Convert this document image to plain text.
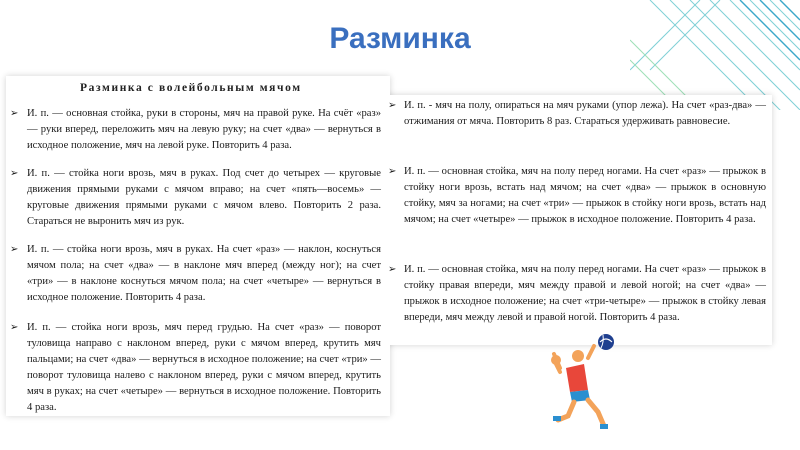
Разминка
Разминка с волейбольным мячом
➢ И. п. — основная стойка, руки в стороны, мяч на правой руке. На счёт «раз» — руки вперед, переложить мяч на левую руку; на счет «два» — вернуться в исходное положение, мяч на левой руке. Повторить 4 раза.
➢ И. п. — стойка ноги врозь, мяч в руках. Под счет до четырех — круговые движения прямыми руками с мячом вправо; на счет «пять—восемь» — круговые движения прямыми руками с мячом влево. Повторить 2 раза. Стараться не выронить мяч из рук.
➢ И. п. — стойка ноги врозь, мяч в руках. На счет «раз» — наклон, коснуться мячом пола; на счет «два» — в наклоне мяч вперед (между ног); на счет «три» — в наклоне коснуться мячом пола; на счет «четыре» — вернуться в исходное положение. Повторить 4 раза.
➢ И. п. — стойка ноги врозь, мяч перед грудью. На счет «раз» — поворот туловища направо с наклоном вперед, руки с мячом вперед, крутить мяч пальцами; на счет «два» — вернуться в исходное положение; на счет «три» — поворот туловища налево с наклоном вперед, руки с мячом вперед, крутить мяч в руках; на счет «четыре» — вернуться в исходное положение. Повторить 4 раза.
➢ И. п. - мяч на полу, опираться на мяч руками (упор лежа). На счет «раз-два» — отжимания от мяча. Повторить 8 раз. Стараться удерживать равновесие.
➢ И. п. — основная стойка, мяч на полу перед ногами. На счет «раз» — прыжок в стойку ноги врозь, встать над мячом; на счет «два» — прыжок в основную стойку, мяч за ногами; на счет «три» — прыжок в стойку ноги врозь, встать над мячом; на счет «четыре» — прыжок в исходное положение. Повторить 4 раза.
➢ И. п. — основная стойка, мяч на полу перед ногами. На счет «раз» — прыжок в стойку правая впереди, мяч между правой и левой ногой; на счет «два» — прыжок в исходное положение; на счет «три-четыре» — прыжок в стойку левая впереди, мяч между левой и правой ногой. Повторить 4 раза.
